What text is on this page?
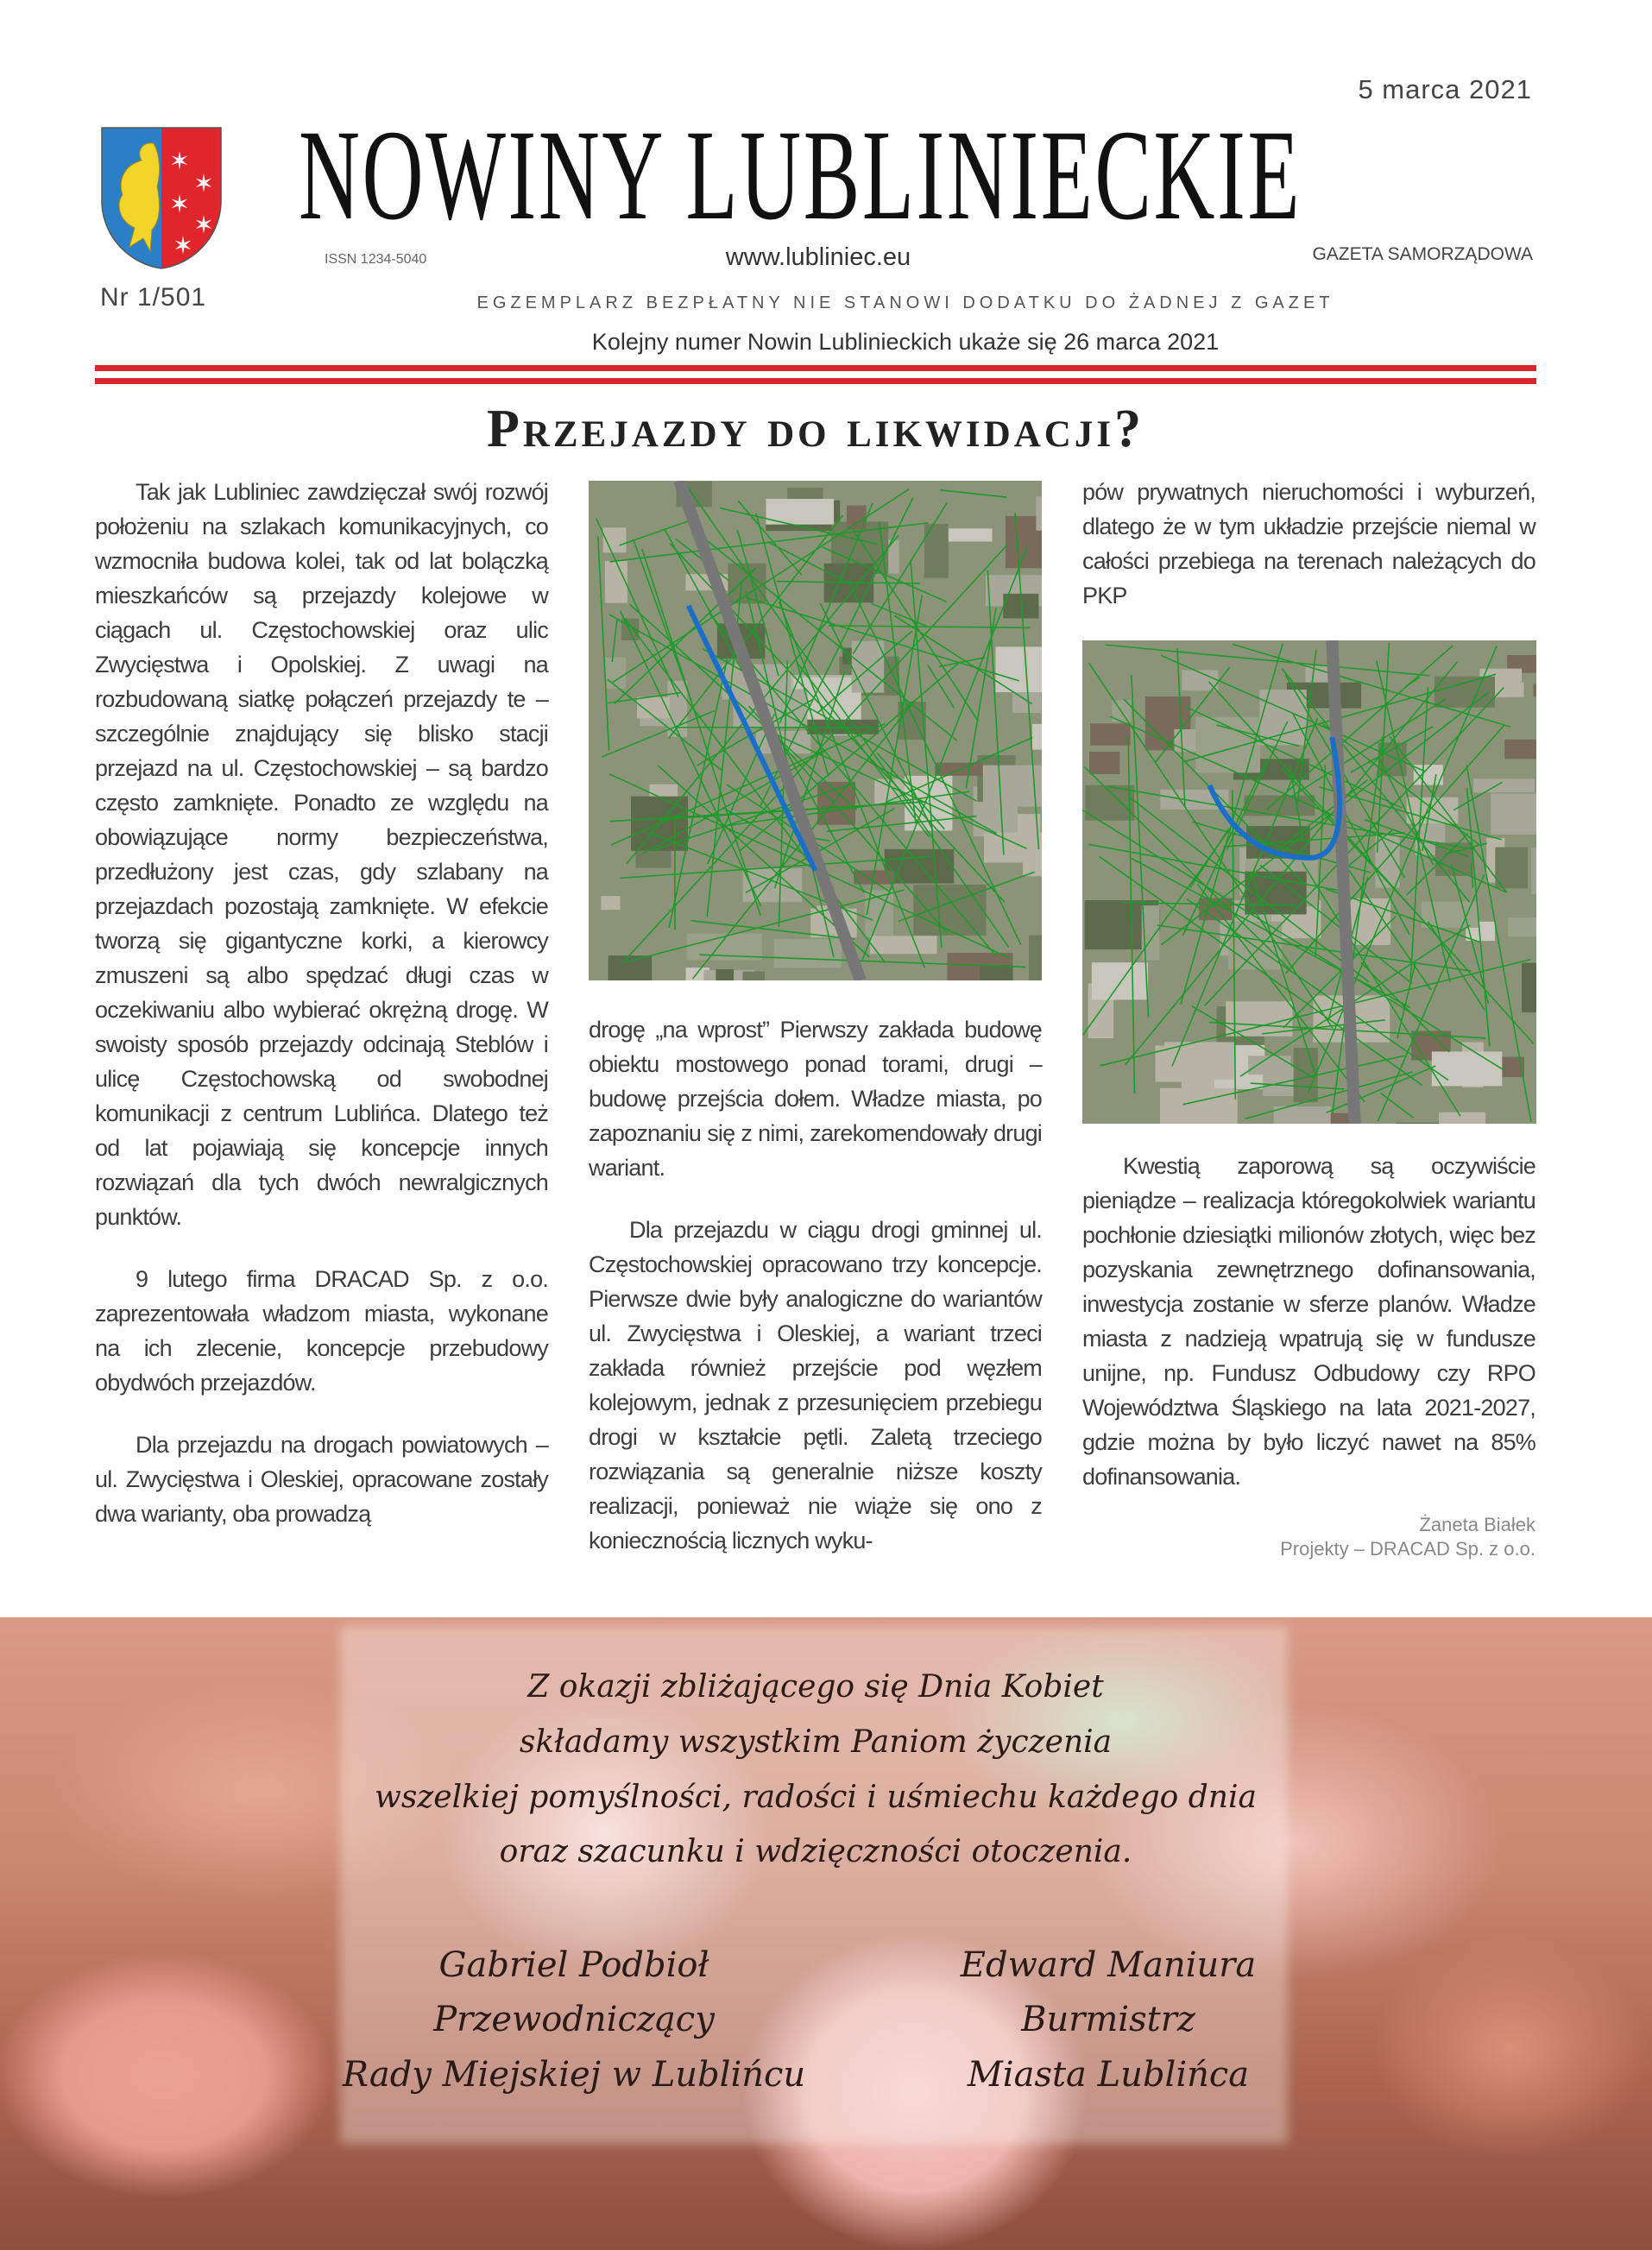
5 marca 2021
✶
✶
✶
✶
✶ NOWINY LUBLINIECKIE
ISSN 1234-5040	www.lubliniec.eu	GAZETA SAMORZĄDOWA
Nr 1/501	EGZEMPLARZ BEZPŁATNY NIE STANOWI DODATKU DO ŻADNEJ Z GAZET
Kolejny numer Nowin Lublinieckich ukaże się 26 marca 2021
Przejazdy do likwidacji?

Tak jak Lubliniec zawdzięczał swój rozwój położeniu na szlakach komunikacyjnych, co wzmocniła budowa kolei, tak od lat bolączką mieszkańców są przejazdy kolejowe w ciągach ul. Częstochowskiej oraz ulic Zwycięstwa i Opolskiej. Z uwagi na rozbudowaną siatkę połączeń przejazdy te – szczególnie znajdujący się blisko stacji przejazd na ul. Częstochowskiej – są bardzo często zamknięte. Ponadto ze względu na obowiązujące normy bezpieczeństwa, przedłużony jest czas, gdy szlabany na przejazdach pozostają zamknięte. W efekcie tworzą się gigantyczne korki, a kierowcy zmuszeni są albo spędzać długi czas w oczekiwaniu albo wybierać okrężną drogę. W swoisty sposób przejazdy odcinają Steblów i ulicę Częstochowską od swobodnej komunikacji z centrum Lublińca. Dlatego też od lat pojawiają się koncepcje innych rozwiązań dla tych dwóch newralgicznych punktów.

9 lutego firma DRACAD Sp. z o.o. zaprezentowała władzom miasta, wykonane na ich zlecenie, koncepcje przebudowy obydwóch przejazdów.

Dla przejazdu na drogach powiatowych – ul. Zwycięstwa i Oleskiej, opracowane zostały dwa warianty, oba prowadzą

drogę „na wprost” Pierwszy zakłada budowę obiektu mostowego ponad torami, drugi – budowę przejścia dołem. Władze miasta, po zapoznaniu się z nimi, zarekomendowały drugi wariant.

Dla przejazdu w ciągu drogi gminnej ul. Częstochowskiej opracowano trzy koncepcje. Pierwsze dwie były analogiczne do wariantów ul. Zwycięstwa i Oleskiej, a wariant trzeci zakłada również przejście pod węzłem kolejowym, jednak z przesunięciem przebiegu drogi w kształcie pętli. Zaletą trzeciego rozwiązania są generalnie niższe koszty realizacji, ponieważ nie wiąże się ono z koniecznością licznych wyku-

pów prywatnych nieruchomości i wyburzeń, dlatego że w tym układzie przejście niemal w całości przebiega na terenach należących do PKP

Kwestią zaporową są oczywiście pieniądze – realizacja któregokolwiek wariantu pochłonie dziesiątki milionów złotych, więc bez pozyskania zewnętrznego dofinansowania, inwestycja zostanie w sferze planów. Władze miasta z nadzieją wpatrują się w fundusze unijne, np. Fundusz Odbudowy czy RPO Województwa Śląskiego na lata 2021-2027, gdzie można by było liczyć nawet na 85% dofinansowania.

Żaneta Białek
Projekty – DRACAD Sp. z o.o.
Z okazji zbliżającego się Dnia Kobiet
składamy wszystkim Paniom życzenia
wszelkiej pomyślności, radości i uśmiechu każdego dnia
oraz szacunku i wdzięczności otoczenia.
Gabriel Podbioł
Przewodniczący
Rady Miejskiej w Lublińcu
Edward Maniura
Burmistrz
Miasta Lublińca
